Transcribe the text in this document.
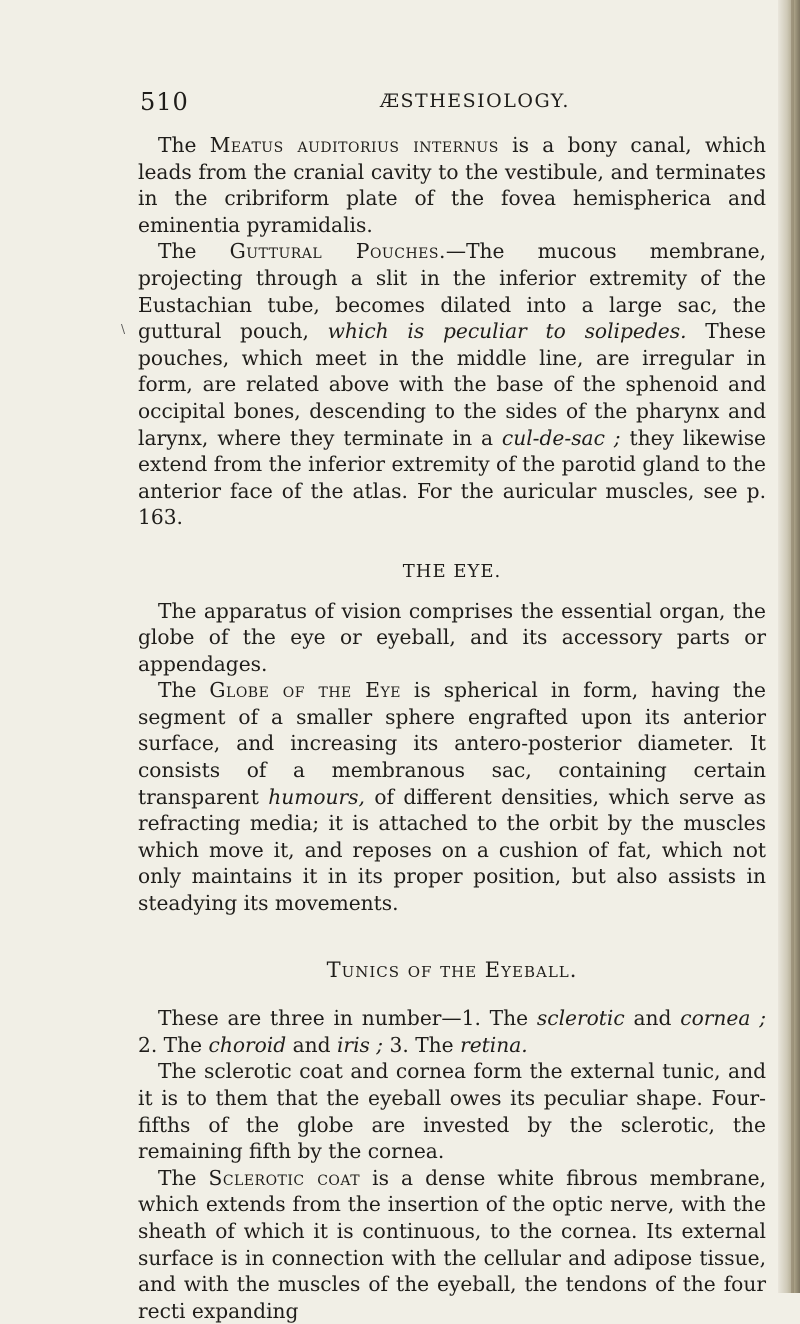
510	ÆSTHESIOLOGY.
\

The Meatus auditorius internus is a bony canal, which leads from the cranial cavity to the vestibule, and terminates in the cribriform plate of the fovea hemispherica and eminentia pyramidalis.

The Guttural Pouches.—The mucous membrane, projecting through a slit in the inferior extremity of the Eustachian tube, becomes dilated into a large sac, the guttural pouch, which is peculiar to solipedes. These pouches, which meet in the middle line, are irregular in form, are related above with the base of the sphenoid and occipital bones, descending to the sides of the pharynx and larynx, where they terminate in a cul-de-sac ; they likewise extend from the inferior extremity of the parotid gland to the anterior face of the atlas. For the auricular muscles, see p. 163.

THE EYE.

The apparatus of vision comprises the essential organ, the globe of the eye or eyeball, and its accessory parts or appendages.

The Globe of the Eye is spherical in form, having the segment of a smaller sphere engrafted upon its anterior surface, and increasing its antero-posterior diameter. It consists of a membranous sac, containing certain transparent humours, of different densities, which serve as refracting media; it is attached to the orbit by the muscles which move it, and reposes on a cushion of fat, which not only maintains it in its proper position, but also assists in steadying its movements.

Tunics of the Eyeball.

These are three in number—1. The sclerotic and cornea ; 2. The choroid and iris ; 3. The retina.

The sclerotic coat and cornea form the external tunic, and it is to them that the eyeball owes its peculiar shape. Four-fifths of the globe are invested by the sclerotic, the remaining fifth by the cornea.

The Sclerotic coat is a dense white fibrous membrane, which extends from the insertion of the optic nerve, with the sheath of which it is continuous, to the cornea. Its external surface is in connection with the cellular and adipose tissue, and with the muscles of the eyeball, the tendons of the four recti expanding
